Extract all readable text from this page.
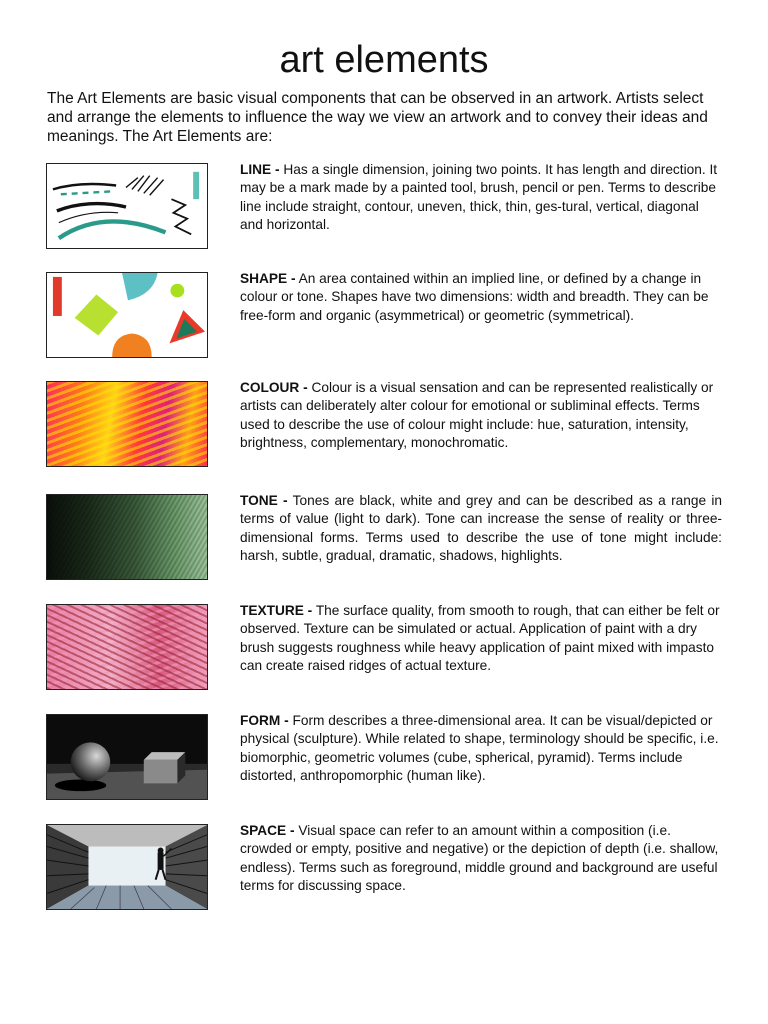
art elements

The Art Elements are basic visual components that can be observed in an artwork. Artists select and arrange the elements to influence the way we view an artwork and to convey their ideas and meanings. The Art Elements are:

LINE - Has a single dimension, joining two points. It has length and direction. It may be a mark made by a painted tool, brush, pencil or pen. Terms to describe line include straight, contour, uneven, thick, thin, ges-tural, vertical, diagonal and horizontal.
SHAPE - An area contained within an implied line, or defined by a change in colour or tone. Shapes have two dimensions: width and breadth. They can be free-form and organic (asymmetrical) or geometric (symmetrical).
COLOUR - Colour is a visual sensation and can be represented realistically or artists can deliberately alter colour for emotional or subliminal effects. Terms used to describe the use of colour might include: hue, saturation, intensity, brightness, complementary, monochromatic.
TONE - Tones are black, white and grey and can be described as a range in terms of value (light to dark). Tone can increase the sense of reality or three-dimensional forms. Terms used to describe the use of tone might include: harsh, subtle, gradual, dramatic, shadows, highlights.
TEXTURE - The surface quality, from smooth to rough, that can either be felt or observed. Texture can be simulated or actual. Application of paint with a dry brush suggests roughness while heavy application of paint mixed with impasto can create raised ridges of actual texture.
FORM - Form describes a three-dimensional area. It can be visual/depicted or physical (sculpture). While related to shape, terminology should be specific, i.e. biomorphic, geometric volumes (cube, spherical, pyramid). Terms include distorted, anthropomorphic (human like).
SPACE - Visual space can refer to an amount within a composition (i.e. crowded or empty, positive and negative) or the depiction of depth (i.e. shallow, endless). Terms such as foreground, middle ground and background are useful terms for discussing space.
